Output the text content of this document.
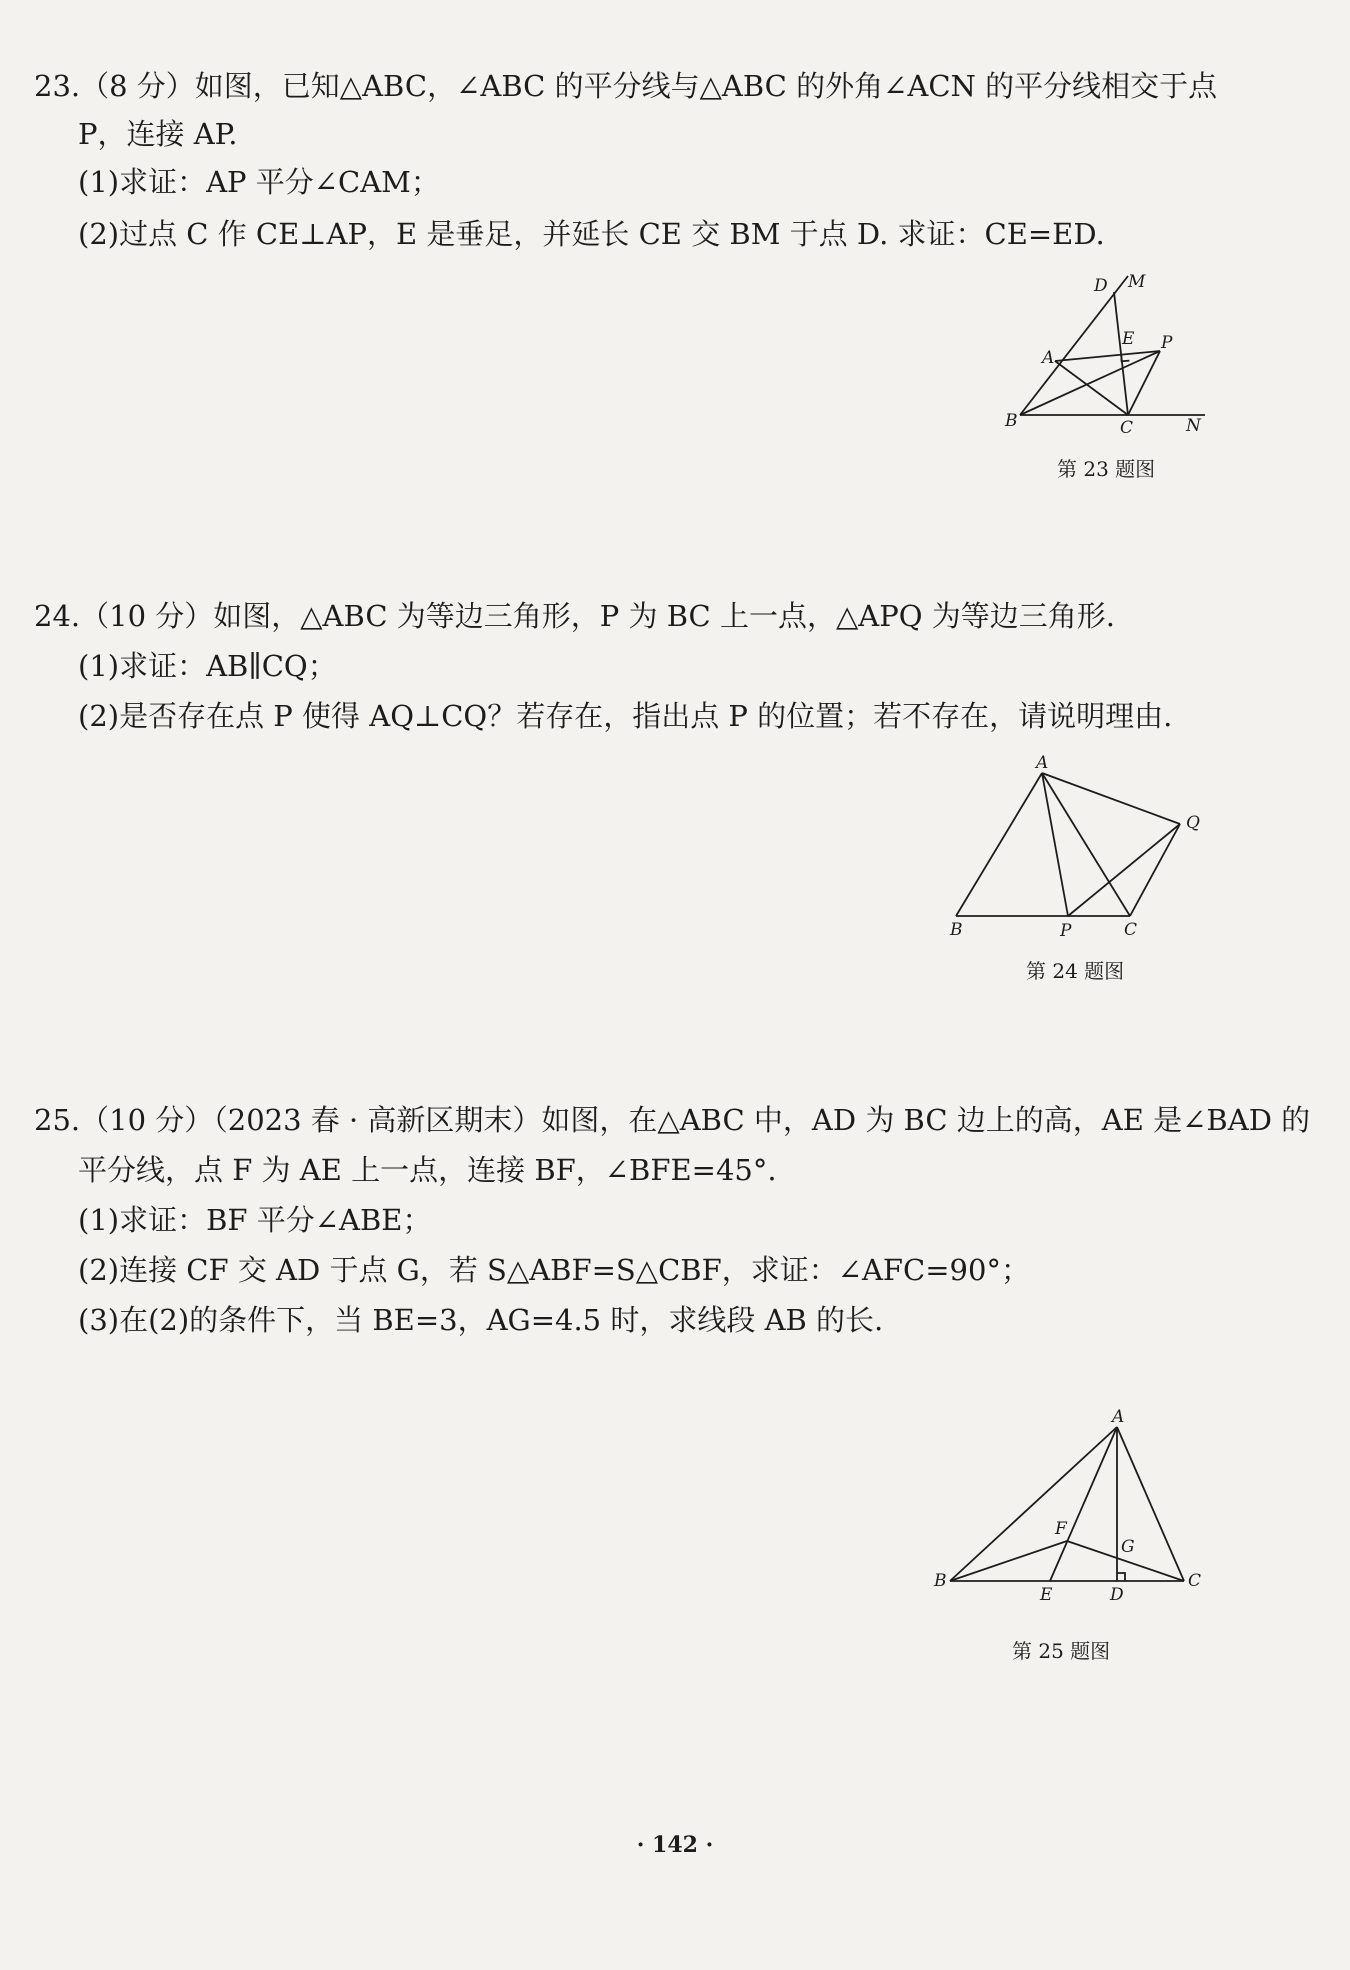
23.（8 分）如图，已知△ABC，∠ABC 的平分线与△ABC 的外角∠ACN 的平分线相交于点
P，连接 AP.
(1)求证：AP 平分∠CAM；
(2)过点 C 作 CE⊥AP，E 是垂足，并延长 CE 交 BM 于点 D. 求证：CE=ED.
D M
A
E P
B	C	N
第 23 题图
24.（10 分）如图，△ABC 为等边三角形，P 为 BC 上一点，△APQ 为等边三角形.
(1)求证：AB∥CQ；
(2)是否存在点 P 使得 AQ⊥CQ？若存在，指出点 P 的位置；若不存在，请说明理由.
A
Q
B	P	C
第 24 题图
25.（10 分）（2023 春 · 高新区期末）如图，在△ABC 中，AD 为 BC 边上的高，AE 是∠BAD 的
平分线，点 F 为 AE 上一点，连接 BF，∠BFE=45°.
(1)求证：BF 平分∠ABE；
(2)连接 CF 交 AD 于点 G，若 S△ABF=S△CBF，求证：∠AFC=90°；
(3)在(2)的条件下，当 BE=3，AG=4.5 时，求线段 AB 的长.
A
F
G
B
E	D
C
第 25 题图
· 142 ·
